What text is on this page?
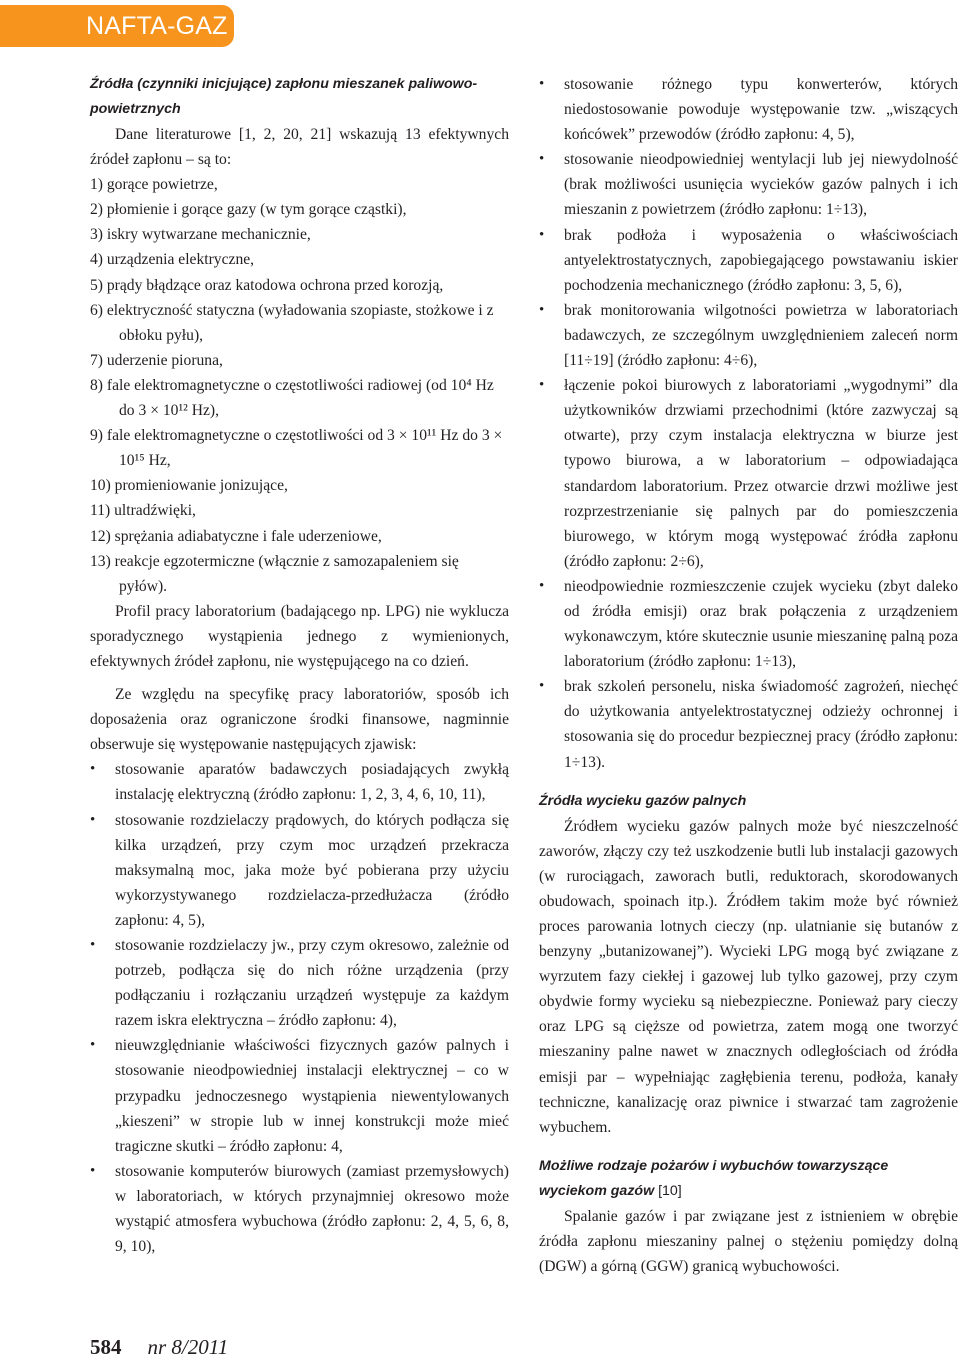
NAFTA-GAZ
Źródła (czynniki inicjujące) zapłonu mieszanek paliwowo-powietrznych
Dane literaturowe [1, 2, 20, 21] wskazują 13 efektywnych źródeł zapłonu – są to:
1) gorące powietrze,
2) płomienie i gorące gazy (w tym gorące cząstki),
3) iskry wytwarzane mechanicznie,
4) urządzenia elektryczne,
5) prądy błądzące oraz katodowa ochrona przed korozją,
6) elektryczność statyczna (wyładowania szopiaste, stożkowe i z obłoku pyłu),
7) uderzenie pioruna,
8) fale elektromagnetyczne o częstotliwości radiowej (od 10⁴ Hz do 3 × 10¹² Hz),
9) fale elektromagnetyczne o częstotliwości od 3 × 10¹¹ Hz do 3 × 10¹⁵ Hz,
10) promieniowanie jonizujące,
11) ultradźwięki,
12) sprężania adiabatyczne i fale uderzeniowe,
13) reakcje egzotermiczne (włącznie z samozapaleniem się pyłów).
Profil pracy laboratorium (badającego np. LPG) nie wyklucza sporadycznego wystąpienia jednego z wymienionych, efektywnych źródeł zapłonu, nie występującego na co dzień.
Ze względu na specyfikę pracy laboratoriów, sposób ich doposażenia oraz ograniczone środki finansowe, nagminnie obserwuje się występowanie następujących zjawisk:
• stosowanie aparatów badawczych posiadających zwykłą instalację elektryczną (źródło zapłonu: 1, 2, 3, 4, 6, 10, 11),
• stosowanie rozdzielaczy prądowych, do których podłącza się kilka urządzeń, przy czym moc urządzeń przekracza maksymalną moc, jaka może być pobierana przy użyciu wykorzystywanego rozdzielacza-przedłużacza (źródło zapłonu: 4, 5),
• stosowanie rozdzielaczy jw., przy czym okresowo, zależnie od potrzeb, podłącza się do nich różne urządzenia (przy podłączaniu i rozłączaniu urządzeń występuje za każdym razem iskra elektryczna – źródło zapłonu: 4),
• nieuwzględnianie właściwości fizycznych gazów palnych i stosowanie nieodpowiedniej instalacji elektrycznej – co w przypadku jednoczesnego wystąpienia niewentylowanych „kieszeni” w stropie lub w innej konstrukcji może mieć tragiczne skutki – źródło zapłonu: 4,
• stosowanie komputerów biurowych (zamiast przemysłowych) w laboratoriach, w których przynajmniej okresowo może wystąpić atmosfera wybuchowa (źródło zapłonu: 2, 4, 5, 6, 8, 9, 10),
• stosowanie różnego typu konwerterów, których niedostosowanie powoduje występowanie tzw. „wiszących końcówek” przewodów (źródło zapłonu: 4, 5),
• stosowanie nieodpowiedniej wentylacji lub jej niewydolność (brak możliwości usunięcia wycieków gazów palnych i ich mieszanin z powietrzem (źródło zapłonu: 1÷13),
• brak podłoża i wyposażenia o właściwościach antyelektrostatycznych, zapobiegającego powstawaniu iskier pochodzenia mechanicznego (źródło zapłonu: 3, 5, 6),
• brak monitorowania wilgotności powietrza w laboratoriach badawczych, ze szczególnym uwzględnieniem zaleceń norm [11÷19] (źródło zapłonu: 4÷6),
• łączenie pokoi biurowych z laboratoriami „wygodnymi” dla użytkowników drzwiami przechodnimi (które zazwyczaj są otwarte), przy czym instalacja elektryczna w biurze jest typowo biurowa, a w laboratorium – odpowiadająca standardom laboratorium. Przez otwarcie drzwi możliwe jest rozprzestrzenianie się palnych par do pomieszczenia biurowego, w którym mogą występować źródła zapłonu (źródło zapłonu: 2÷6),
• nieodpowiednie rozmieszczenie czujek wycieku (zbyt daleko od źródła emisji) oraz brak połączenia z urządzeniem wykonawczym, które skutecznie usunie mieszaninę palną poza laboratorium (źródło zapłonu: 1÷13),
• brak szkoleń personelu, niska świadomość zagrożeń, niechęć do użytkowania antyelektrostatycznej odzieży ochronnej i stosowania się do procedur bezpiecznej pracy (źródło zapłonu: 1÷13).
Źródła wycieku gazów palnych
Źródłem wycieku gazów palnych może być nieszczelność zaworów, złączy czy też uszkodzenie butli lub instalacji gazowych (w rurociągach, zaworach butli, reduktorach, skorodowanych obudowach, spoinach itp.). Źródłem takim może być również proces parowania lotnych cieczy (np. ulatnianie się butanów z benzyny „butanizowanej”). Wycieki LPG mogą być związane z wyrzutem fazy ciekłej i gazowej lub tylko gazowej, przy czym obydwie formy wycieku są niebezpieczne. Ponieważ pary cieczy oraz LPG są cięższe od powietrza, zatem mogą one tworzyć mieszaniny palne nawet w znacznych odległościach od źródła emisji par – wypełniając zagłębienia terenu, podłoża, kanały techniczne, kanalizację oraz piwnice i stwarzać tam zagrożenie wybuchem.
Możliwe rodzaje pożarów i wybuchów towarzyszące wyciekom gazów [10]
Spalanie gazów i par związane jest z istnieniem w obrębie źródła zapłonu mieszaniny palnej o stężeniu pomiędzy dolną (DGW) a górną (GGW) granicą wybuchowości.
584 nr 8/2011
